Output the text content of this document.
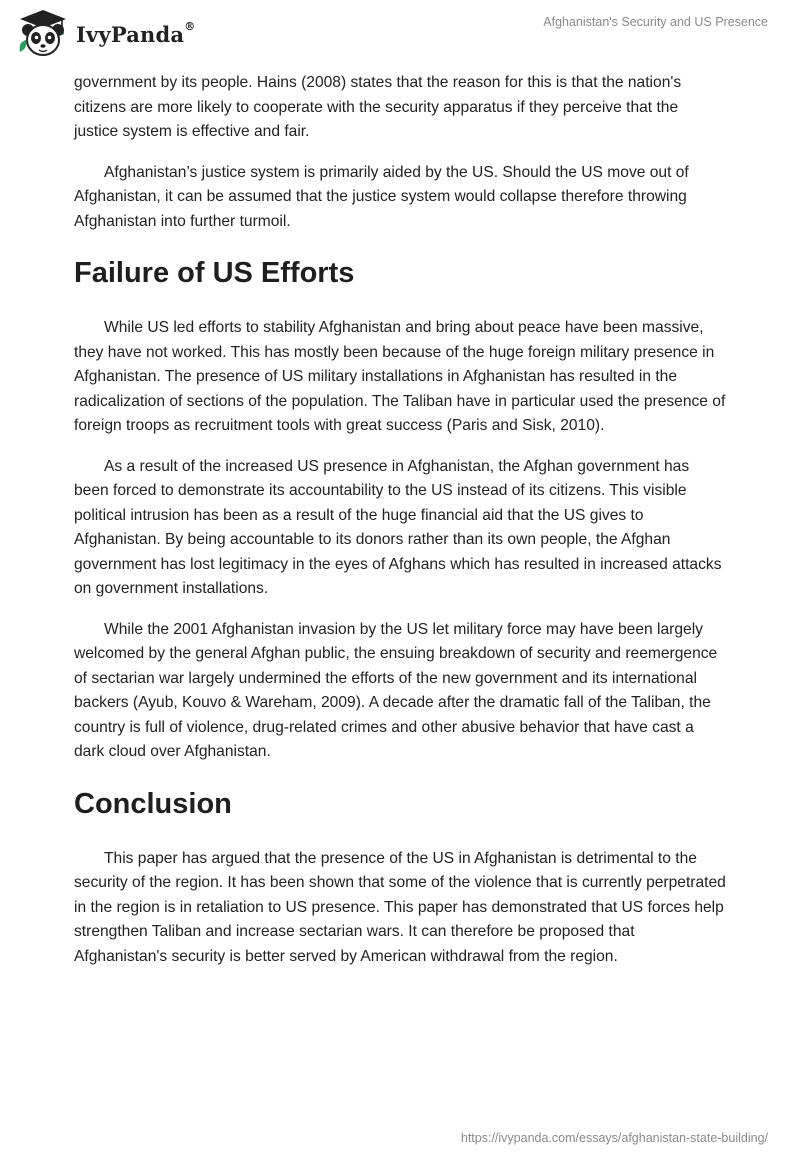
IvyPanda®	Afghanistan's Security and US Presence

government by its people. Hains (2008) states that the reason for this is that the nation's citizens are more likely to cooperate with the security apparatus if they perceive that the justice system is effective and fair.

Afghanistan’s justice system is primarily aided by the US. Should the US move out of Afghanistan, it can be assumed that the justice system would collapse therefore throwing Afghanistan into further turmoil.

Failure of US Efforts

While US led efforts to stability Afghanistan and bring about peace have been massive, they have not worked. This has mostly been because of the huge foreign military presence in Afghanistan. The presence of US military installations in Afghanistan has resulted in the radicalization of sections of the population. The Taliban have in particular used the presence of foreign troops as recruitment tools with great success (Paris and Sisk, 2010).

As a result of the increased US presence in Afghanistan, the Afghan government has been forced to demonstrate its accountability to the US instead of its citizens. This visible political intrusion has been as a result of the huge financial aid that the US gives to Afghanistan. By being accountable to its donors rather than its own people, the Afghan government has lost legitimacy in the eyes of Afghans which has resulted in increased attacks on government installations.

While the 2001 Afghanistan invasion by the US let military force may have been largely welcomed by the general Afghan public, the ensuing breakdown of security and reemergence of sectarian war largely undermined the efforts of the new government and its international backers (Ayub, Kouvo & Wareham, 2009). A decade after the dramatic fall of the Taliban, the country is full of violence, drug-related crimes and other abusive behavior that have cast a dark cloud over Afghanistan.

Conclusion

This paper has argued that the presence of the US in Afghanistan is detrimental to the security of the region. It has been shown that some of the violence that is currently perpetrated in the region is in retaliation to US presence. This paper has demonstrated that US forces help strengthen Taliban and increase sectarian wars. It can therefore be proposed that Afghanistan's security is better served by American withdrawal from the region.

https://ivypanda.com/essays/afghanistan-state-building/
